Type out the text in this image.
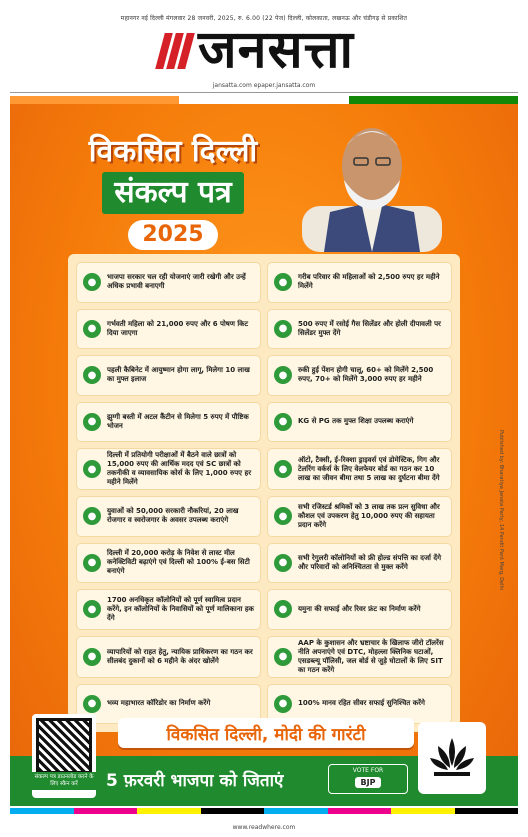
महानगर नई दिल्ली मंगलवार 28 जनवरी, 2025, रु. 6.00 (22 पेज) दिल्ली, कोलकाता, लखनऊ और चंडीगढ़ से प्रकाशित
जनसत्ता
jansatta.com epaper.jansatta.com
विकसित दिल्ली
संकल्प पत्र
2025
●	भाजपा सरकार चल रही योजनाएं जारी रखेगी और उन्हें अधिक प्रभावी बनाएगी	●	गरीब परिवार की महिलाओं को 2,500 रुपए हर महीने मिलेंगे
●	गर्भवती महिला को 21,000 रुपए और 6 पोषण किट दिया जाएगा	●	500 रुपए में रसोई गैस सिलेंडर और होली दीपावली पर सिलेंडर मुफ्त देंगे
●	पहली कैबिनेट में आयुष्मान होगा लागू, मिलेगा 10 लाख का मुफ्त इलाज	●	रुकी हुई पेंशन होगी चालू, 60+ को मिलेंगे 2,500 रुपए, 70+ को मिलेंगे 3,000 रुपए हर महीने
●	झुग्गी बस्ती में अटल कैंटीन से मिलेगा 5 रुपए में पौष्टिक भोजन	●	KG से PG तक मुफ्त शिक्षा उपलब्ध कराएंगे
●
दिल्ली में प्रतियोगी परीक्षाओं में बैठने वाले छात्रों को 15,000 रुपए की आर्थिक मदद एवं SC छात्रों को तकनीकी व व्यावसायिक कोर्स के लिए 1,000 रुपए हर महीने मिलेंगे
●
ऑटो, टैक्सी, ई-रिक्शा ड्राइवर्स एवं डोमेस्टिक, गिग और टेलरिंग वर्कर्स के लिए वेलफेयर बोर्ड का गठन कर 10 लाख का जीवन बीमा तथा 5 लाख का दुर्घटना बीमा देंगे
●	युवाओं को 50,000 सरकारी नौकरियां, 20 लाख रोजगार व स्वरोजगार के अवसर उपलब्ध कराएंगे	●
सभी रजिस्टर्ड श्रमिकों को 3 लाख तक प्रत्न सुविधा और कौशल एवं उपकरण हेतु 10,000 रुपए की सहायता प्रदान करेंगे
●
दिल्ली में 20,000 करोड़ के निवेश से लास्ट मील कनेक्टिविटी बढ़ाएंगे एवं दिल्ली को 100% ई-बस सिटी बनाएंगे
●	सभी रेगुलरी कॉलोनियों को फ्री होल्ड संपत्ति का दर्जा देंगे और परिवारों को अनिश्चितता से मुक्त करेंगे
●
1700 अनधिकृत कॉलोनियों को पूर्ण स्वामित्व प्रदान करेंगे, इन कॉलोनियों के निवासियों को पूर्ण मालिकाना हक देंगे
●	यमुना की सफाई और रिवर फ्रंट का निर्माण करेंगे
●	व्यापारियों को राहत हेतु, न्यायिक प्राधिकरण का गठन कर सीलबंद दुकानों को 6 महीने के अंदर खोलेंगे	●
AAP के कुशासन और भ्रष्टाचार के खिलाफ जीरो टॉलरेंस नीति अपनाएंगे एवं DTC, मोहल्ला क्लिनिक घटाओं, एसडब्ल्यू पॉलिसी, जल बोर्ड से जुड़े घोटालों के लिए SIT का गठन करेंगे
●	भव्य महाभारत कॉरिडोर का निर्माण करेंगे	●	100% मानव रहित सीवर सफाई सुनिश्चित करेंगे
विकसित दिल्ली, मोदी की गारंटी
5 फ़रवरी भाजपा को जिताएं
VOTE FOR
BJP
संकल्प पत्र डाउनलोड करने के लिए स्कैन करें
Published by: Bharatiya Janata Party, 14 Pandit Pant Marg, Delhi
www.readwhere.com
